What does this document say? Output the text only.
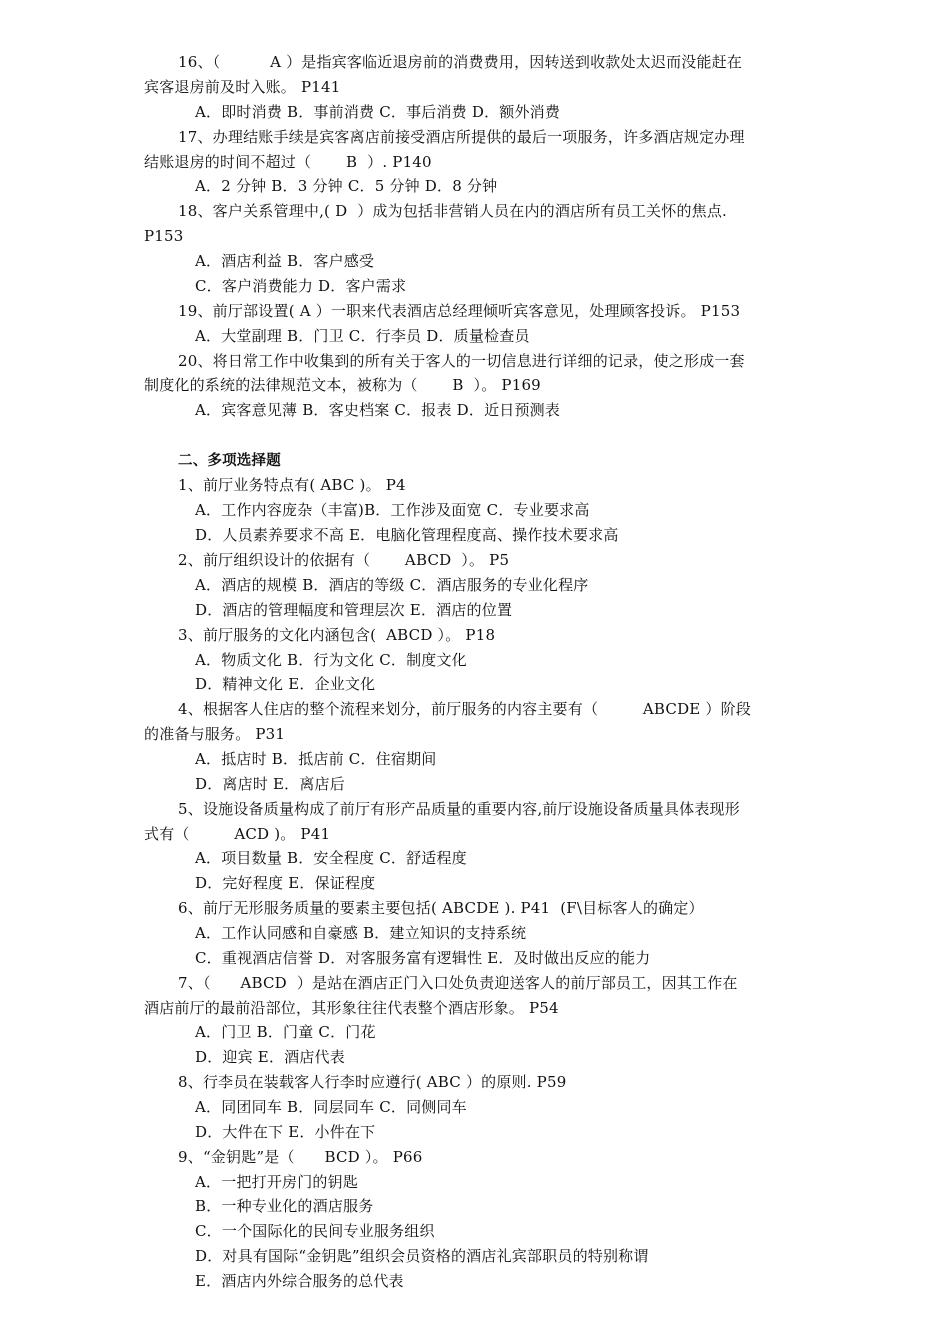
16、（          A ）是指宾客临近退房前的消费费用，因转送到收款处太迟而没能赶在
宾客退房前及时入账。 P141
A．即时消费 B．事前消费 C．事后消费 D．额外消费
17、办理结账手续是宾客离店前接受酒店所提供的最后一项服务，许多酒店规定办理
结账退房的时间不超过（       B  ）. P140
A．2 分钟 B．3 分钟 C．5 分钟 D．8 分钟
18、客户关系管理中,( D  ）成为包括非营销人员在内的酒店所有员工关怀的焦点.
P153
A．酒店利益 B．客户感受
C．客户消费能力 D．客户需求
19、前厅部设置( A ）一职来代表酒店总经理倾听宾客意见，处理顾客投诉。 P153
A．大堂副理 B．门卫 C．行李员 D．质量检查员
20、将日常工作中收集到的所有关于客人的一切信息进行详细的记录，使之形成一套
制度化的系统的法律规范文本，被称为（       B  ）。 P169
A．宾客意见薄 B．客史档案 C．报表 D．近日预测表
二、多项选择题
1、前厅业务特点有( ABC )。 P4
A．工作内容庞杂（丰富)B．工作涉及面宽 C．专业要求高
D．人员素养要求不高 E．电脑化管理程度高、操作技术要求高
2、前厅组织设计的依据有（       ABCD  ）。 P5
A．酒店的规模 B．酒店的等级 C．酒店服务的专业化程序
D．酒店的管理幅度和管理层次 E．酒店的位置
3、前厅服务的文化内涵包含(  ABCD ）。 P18
A．物质文化 B．行为文化 C．制度文化
D．精神文化 E．企业文化
4、根据客人住店的整个流程来划分，前厅服务的内容主要有（         ABCDE ）阶段
的准备与服务。 P31
A．抵店时 B．抵店前 C．住宿期间
D．离店时 E．离店后
5、设施设备质量构成了前厅有形产品质量的重要内容,前厅设施设备质量具体表现形
式有（         ACD )。 P41
A．项目数量 B．安全程度 C．舒适程度
D．完好程度 E．保证程度
6、前厅无形服务质量的要素主要包括( ABCDE ). P41  (F\目标客人的确定）
A．工作认同感和自豪感 B．建立知识的支持系统
C．重视酒店信誉 D．对客服务富有逻辑性 E．及时做出反应的能力
7、（      ABCD  ）是站在酒店正门入口处负责迎送客人的前厅部员工，因其工作在
酒店前厅的最前沿部位，其形象往往代表整个酒店形象。 P54
A．门卫 B．门童 C．门花
D．迎宾 E．酒店代表
8、行李员在装载客人行李时应遵行( ABC ）的原则. P59
A．同团同车 B．同层同车 C．同侧同车
D．大件在下 E．小件在下
9、“金钥匙”是（      BCD ）。 P66
A．一把打开房门的钥匙
B．一种专业化的酒店服务
C．一个国际化的民间专业服务组织
D．对具有国际“金钥匙”组织会员资格的酒店礼宾部职员的特别称谓
E．酒店内外综合服务的总代表
